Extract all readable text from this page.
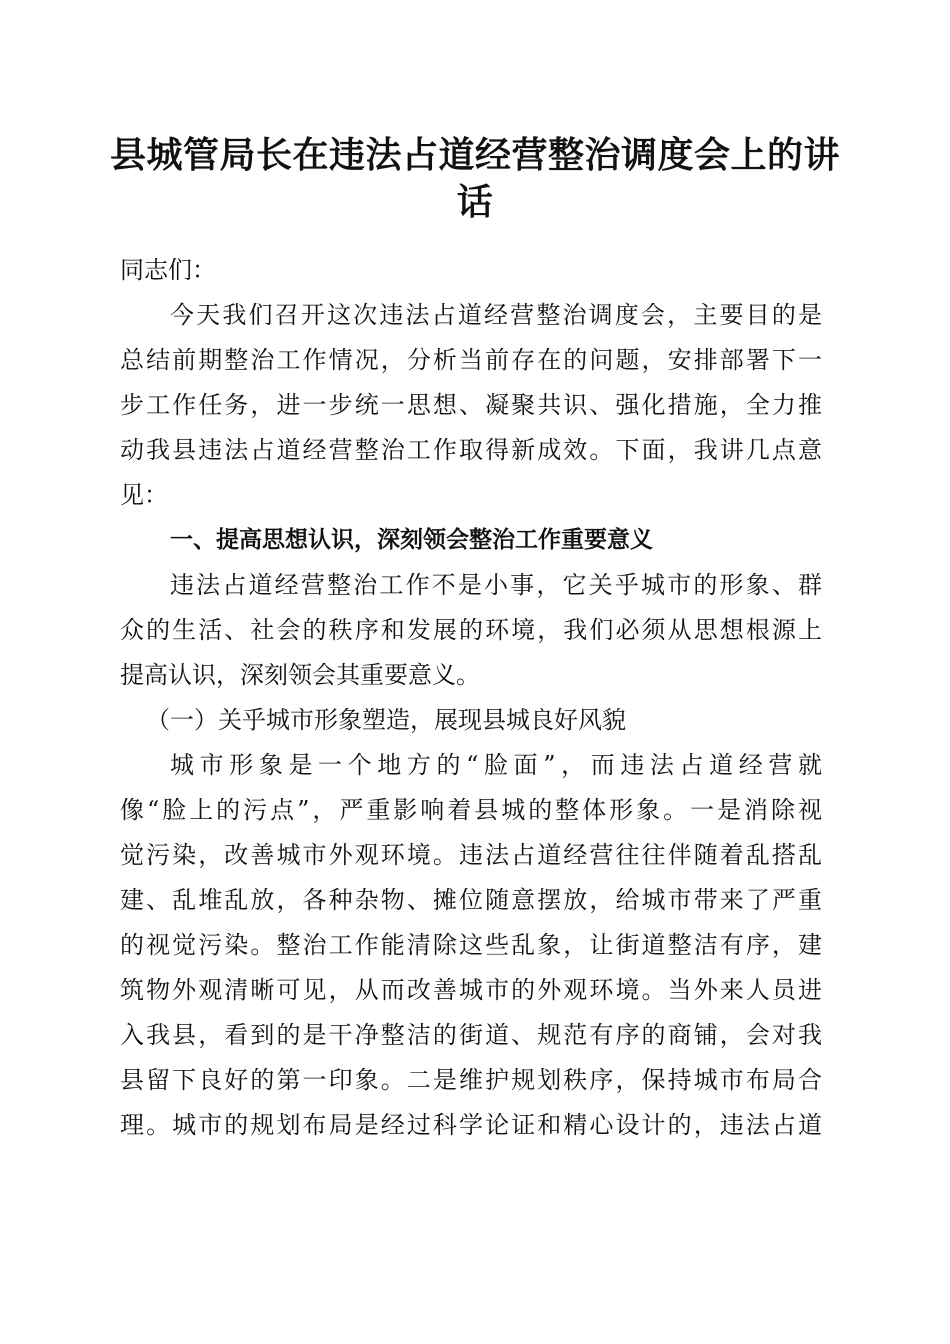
县城管局长在违法占道经营整治调度会上的讲
话
同志们：
今天我们召开这次违法占道经营整治调度会，主要目的是
总结前期整治工作情况，分析当前存在的问题，安排部署下一
步工作任务，进一步统一思想、凝聚共识、强化措施，全力推
动我县违法占道经营整治工作取得新成效。下面，我讲几点意
见：
一、提高思想认识，深刻领会整治工作重要意义
违法占道经营整治工作不是小事，它关乎城市的形象、群
众的生活、社会的秩序和发展的环境，我们必须从思想根源上
提高认识，深刻领会其重要意义。
（一）关乎城市形象塑造，展现县城良好风貌
城市形象是一个地方的“脸面”，而违法占道经营就
像“脸上的污点”，严重影响着县城的整体形象。一是消除视
觉污染，改善城市外观环境。违法占道经营往往伴随着乱搭乱
建、乱堆乱放，各种杂物、摊位随意摆放，给城市带来了严重
的视觉污染。整治工作能清除这些乱象，让街道整洁有序，建
筑物外观清晰可见，从而改善城市的外观环境。当外来人员进
入我县，看到的是干净整洁的街道、规范有序的商铺，会对我
县留下良好的第一印象。二是维护规划秩序，保持城市布局合
理。城市的规划布局是经过科学论证和精心设计的，违法占道
